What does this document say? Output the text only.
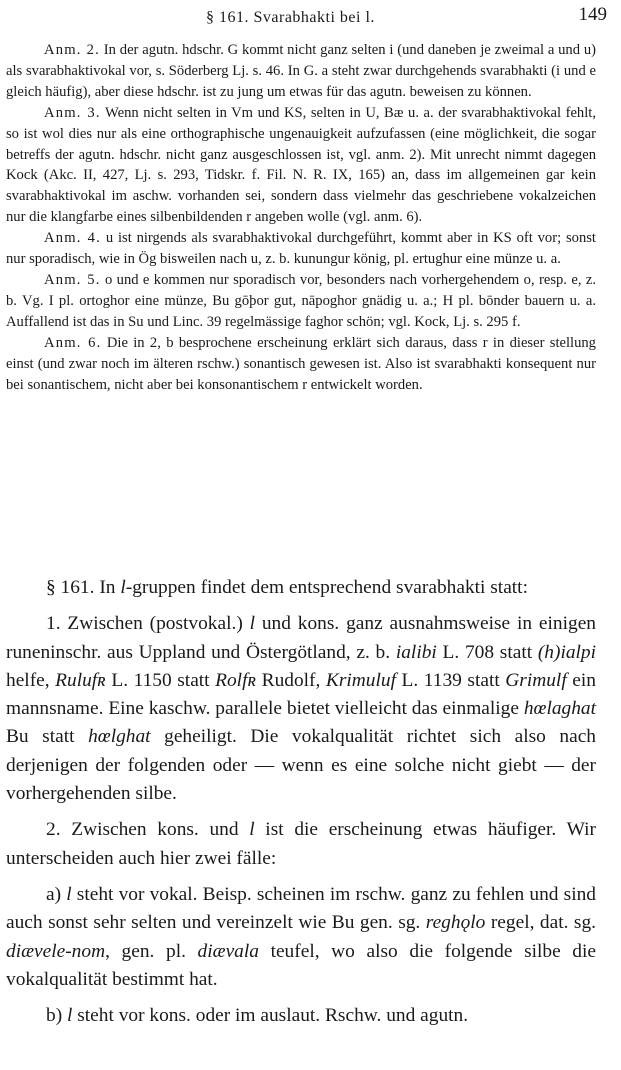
§ 161. Svarabhakti bei l.	149

Anm. 2. In der agutn. hdschr. G kommt nicht ganz selten i (und daneben je zweimal a und u) als svarabhaktivokal vor, s. Söderberg Lj. s. 46. In G. a steht zwar durchgehends svarabhakti (i und e gleich häufig), aber diese hdschr. ist zu jung um etwas für das agutn. beweisen zu können.

Anm. 3. Wenn nicht selten in Vm und KS, selten in U, Bæ u. a. der svarabhaktivokal fehlt, so ist wol dies nur als eine orthographische ungenauigkeit aufzufassen (eine möglichkeit, die sogar betreffs der agutn. hdschr. nicht ganz ausgeschlossen ist, vgl. anm. 2). Mit unrecht nimmt dagegen Kock (Akc. II, 427, Lj. s. 293, Tidskr. f. Fil. N. R. IX, 165) an, dass im allgemeinen gar kein svarabhaktivokal im aschw. vorhanden sei, sondern dass vielmehr das geschriebene vokalzeichen nur die klangfarbe eines silbenbildenden r angeben wolle (vgl. anm. 6).

Anm. 4. u ist nirgends als svarabhaktivokal durchgeführt, kommt aber in KS oft vor; sonst nur sporadisch, wie in Ög bisweilen nach u, z. b. kunungur könig, pl. ertughur eine münze u. a.

Anm. 5. o und e kommen nur sporadisch vor, besonders nach vorhergehendem o, resp. e, z. b. Vg. I pl. ortoghor eine münze, Bu gōþor gut, nāpoghor gnädig u. a.; H pl. bōnder bauern u. a. Auffallend ist das in Su und Linc. 39 regelmässige faghor schön; vgl. Kock, Lj. s. 295 f.

Anm. 6. Die in 2, b besprochene erscheinung erklärt sich daraus, dass r in dieser stellung einst (und zwar noch im älteren rschw.) sonantisch gewesen ist. Also ist svarabhakti konsequent nur bei sonantischem, nicht aber bei konsonantischem r entwickelt worden.

§ 161. In l-gruppen findet dem entsprechend svarabhakti statt:

1. Zwischen (postvokal.) l und kons. ganz ausnahmsweise in einigen runeninschr. aus Uppland und Östergötland, z. b. ialibi L. 708 statt (h)ialpi helfe, Rulufʀ L. 1150 statt Rolfʀ Rudolf, Krimuluf L. 1139 statt Grimulf ein mannsname. Eine kaschw. parallele bietet vielleicht das einmalige hœlaghat Bu statt hœlghat geheiligt. Die vokalqualität richtet sich also nach derjenigen der folgenden oder — wenn es eine solche nicht giebt — der vorhergehenden silbe.

2. Zwischen kons. und l ist die erscheinung etwas häufiger. Wir unterscheiden auch hier zwei fälle:

a) l steht vor vokal. Beisp. scheinen im rschw. ganz zu fehlen und sind auch sonst sehr selten und vereinzelt wie Bu gen. sg. reghǫlo regel, dat. sg. diævele-nom, gen. pl. diævala teufel, wo also die folgende silbe die vokalqualität bestimmt hat.

b) l steht vor kons. oder im auslaut. Rschw. und agutn.
